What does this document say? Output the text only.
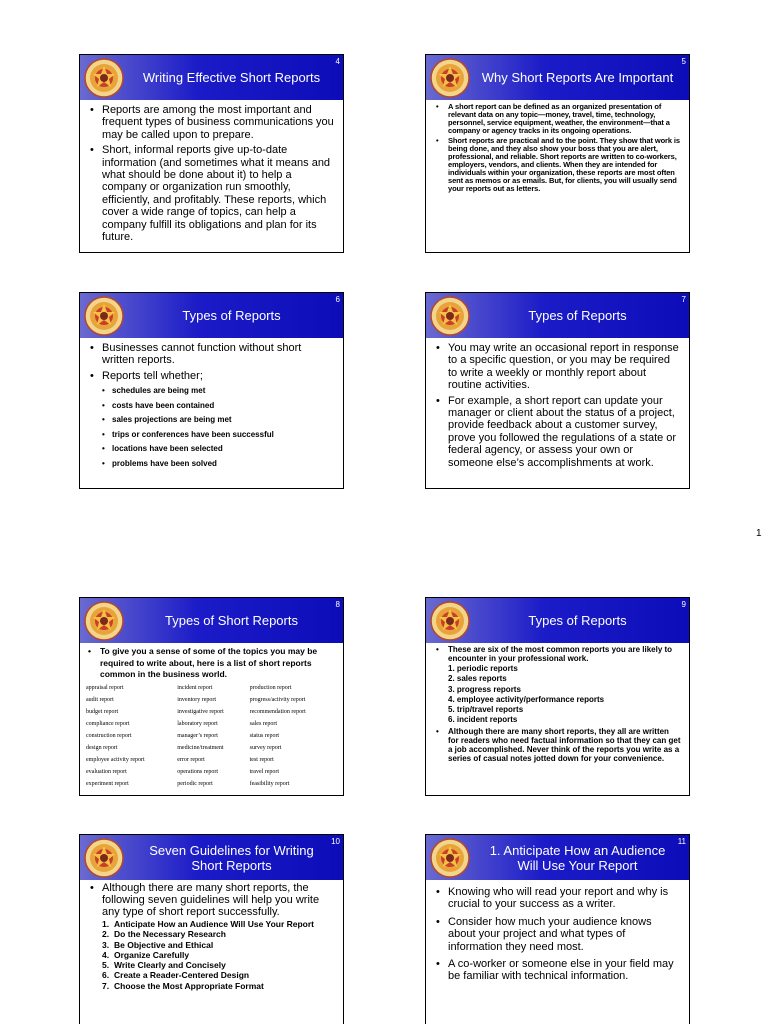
Writing Effective Short Reports
4
• Reports are among the most important and frequent types of business communications you may be called upon to prepare.
• Short, informal reports give up-to-date information (and sometimes what it means and what should be done about it) to help a company or organization run smoothly, efficiently, and profitably. These reports, which cover a wide range of topics, can help a company fulfill its obligations and plan for its future.
Why Short Reports Are Important
5
• A short report can be defined as an organized presentation of relevant data on any topic—money, travel, time, technology, personnel, service equipment, weather, the environment—that a company or agency tracks in its ongoing operations.
• Short reports are practical and to the point. They show that work is being done, and they also show your boss that you are alert, professional, and reliable. Short reports are written to co-workers, employers, vendors, and clients. When they are intended for individuals within your organization, these reports are most often sent as memos or as emails. But, for clients, you will usually send your reports out as letters.
Types of Reports
6
• Businesses cannot function without short written reports.
• Reports tell whether;
• schedules are being met
• costs have been contained
• sales projections are being met
• trips or conferences have been successful
• locations have been selected
• problems have been solved
Types of Reports
7
• You may write an occasional report in response to a specific question, or you may be required to write a weekly or monthly report about routine activities.
• For example, a short report can update your manager or client about the status of a project, provide feedback about a customer survey, prove you followed the regulations of a state or federal agency, or assess your own or someone else’s accomplishments at work.
1
Types of Short Reports
8
• To give you a sense of some of the topics you may be required to write about, here is a list of short reports common in the business world.
appraisal report	incident report	production report
audit report	inventory report	progress/activity report
budget report	investigative report	recommendation report
compliance report	laboratory report	sales report
construction report	manager’s report	status report
design report	medicine/treatment	survey report
employee activity report	error report	test report
evaluation report	operations report	travel report
experiment report	periodic report	feasibility report
Types of Reports
9
• These are six of the most common reports you are likely to encounter in your professional work.
1. periodic reports
2. sales reports
3. progress reports
4. employee activity/performance reports
5. trip/travel reports
6. incident reports
• Although there are many short reports, they all are written for readers who need factual information so that they can get a job accomplished. Never think of the reports you write as a series of casual notes jotted down for your convenience.
Seven Guidelines for Writing Short Reports
10
• Although there are many short reports, the following seven guidelines will help you write any type of short report successfully.
1. Anticipate How an Audience Will Use Your Report
2. Do the Necessary Research
3. Be Objective and Ethical
4. Organize Carefully
5. Write Clearly and Concisely
6. Create a Reader-Centered Design
7. Choose the Most Appropriate Format
1. Anticipate How an Audience Will Use Your Report
11
• Knowing who will read your report and why is crucial to your success as a writer.
• Consider how much your audience knows about your project and what types of information they need most.
• A co-worker or someone else in your field may be familiar with technical information.
